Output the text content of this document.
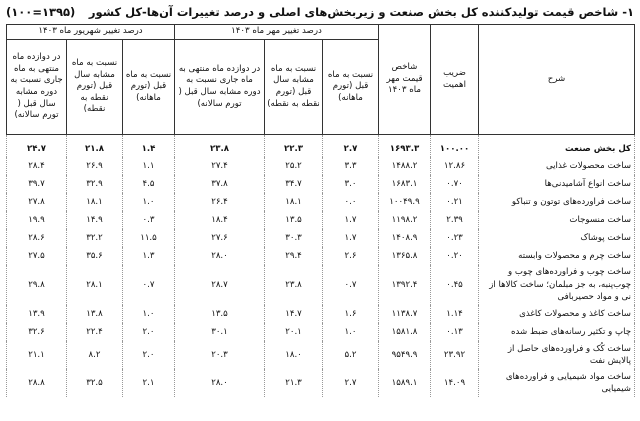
۱- شاخص قیمت تولیدکننده کل بخش صنعت و زیربخش‌های اصلی و درصد تغییرات آن‌ها-کل کشور
(۱۰۰=۱۳۹۵)
شرح	ضریب اهمیت	شاخص قیمت مهر ماه ۱۴۰۳	درصد تغییر مهر ماه ۱۴۰۳			درصد تغییر شهریور ماه ۱۴۰۳		
			نسبت به ماه قبل (تورم ماهانه)	نسبت به ماه مشابه سال قبل (تورم نقطه به نقطه)	در دوازده ماه منتهی به ماه جاری نسبت به دوره مشابه سال قبل ( تورم سالانه)	نسبت به ماه قبل (تورم ماهانه)	نسبت به ماه مشابه سال قبل (تورم نقطه به نقطه)	در دوازده ماه منتهی به ماه جاری نسبت به دوره مشابه سال قبل ( تورم سالانه)
کل بخش صنعت	۱۰۰.۰۰	۱۶۹۳.۳	۲.۷	۲۲.۳	۲۳.۸	۱.۴	۲۱.۸	۲۴.۷
ساخت محصولات غذایی	۱۲.۸۶	۱۴۸۸.۲	۳.۳	۲۵.۲	۲۷.۴	۱.۱	۲۶.۹	۲۸.۴
ساخت انواع آشامیدنی‌ها	۰.۷۰	۱۶۸۳.۱	۳.۰	۳۴.۷	۳۷.۸	۴.۵	۳۲.۹	۳۹.۷
ساخت فراورده‌های توتون و تنباکو	۰.۲۱	۱۰۰۴۹.۹	۰.۰	۱۸.۱	۲۶.۴	۱.۰	۱۸.۱	۲۷.۸
ساخت منسوجات	۲.۳۹	۱۱۹۸.۲	۱.۷	۱۳.۵	۱۸.۴	۰.۳	۱۴.۹	۱۹.۹
ساخت پوشاک	۰.۲۳	۱۴۰۸.۹	۱.۷	۳۰.۳	۲۷.۶	۱۱.۵	۳۲.۲	۲۸.۶
ساخت چرم و محصولات وابسته	۰.۲۰	۱۳۶۵.۸	۲.۶	۲۹.۴	۲۸.۰	۱.۳	۳۵.۶	۲۷.۵
ساخت چوب و فراورده‌های چوب و چوب‌پنبه، به جز مبلمان؛ ساخت کالاها از نی و مواد حصیربافی	۰.۴۵	۱۳۹۲.۴	۰.۷	۲۳.۸	۲۸.۷	۰.۷	۲۸.۱	۲۹.۸
ساخت کاغذ و محصولات کاغذی	۱.۱۴	۱۱۳۸.۷	۱.۶	۱۴.۷	۱۳.۵	۱.۰	۱۳.۸	۱۳.۹
چاپ و تکثیر رسانه‌های ضبط شده	۰.۱۳	۱۵۸۱.۸	۱.۰	۲۰.۱	۳۰.۱	۲.۰	۲۲.۴	۳۲.۶
ساخت کُک و فراورده‌های حاصل از پالایش نفت	۲۳.۹۲	۹۵۴۹.۹	۵.۲	۱۸.۰	۲۰.۳	۲.۰	۸.۲	۲۱.۱
ساخت مواد شیمیایی و فراورده‌های شیمیایی	۱۴.۰۹	۱۵۸۹.۱	۲.۷	۲۱.۳	۲۸.۰	۲.۱	۳۲.۵	۲۸.۸
